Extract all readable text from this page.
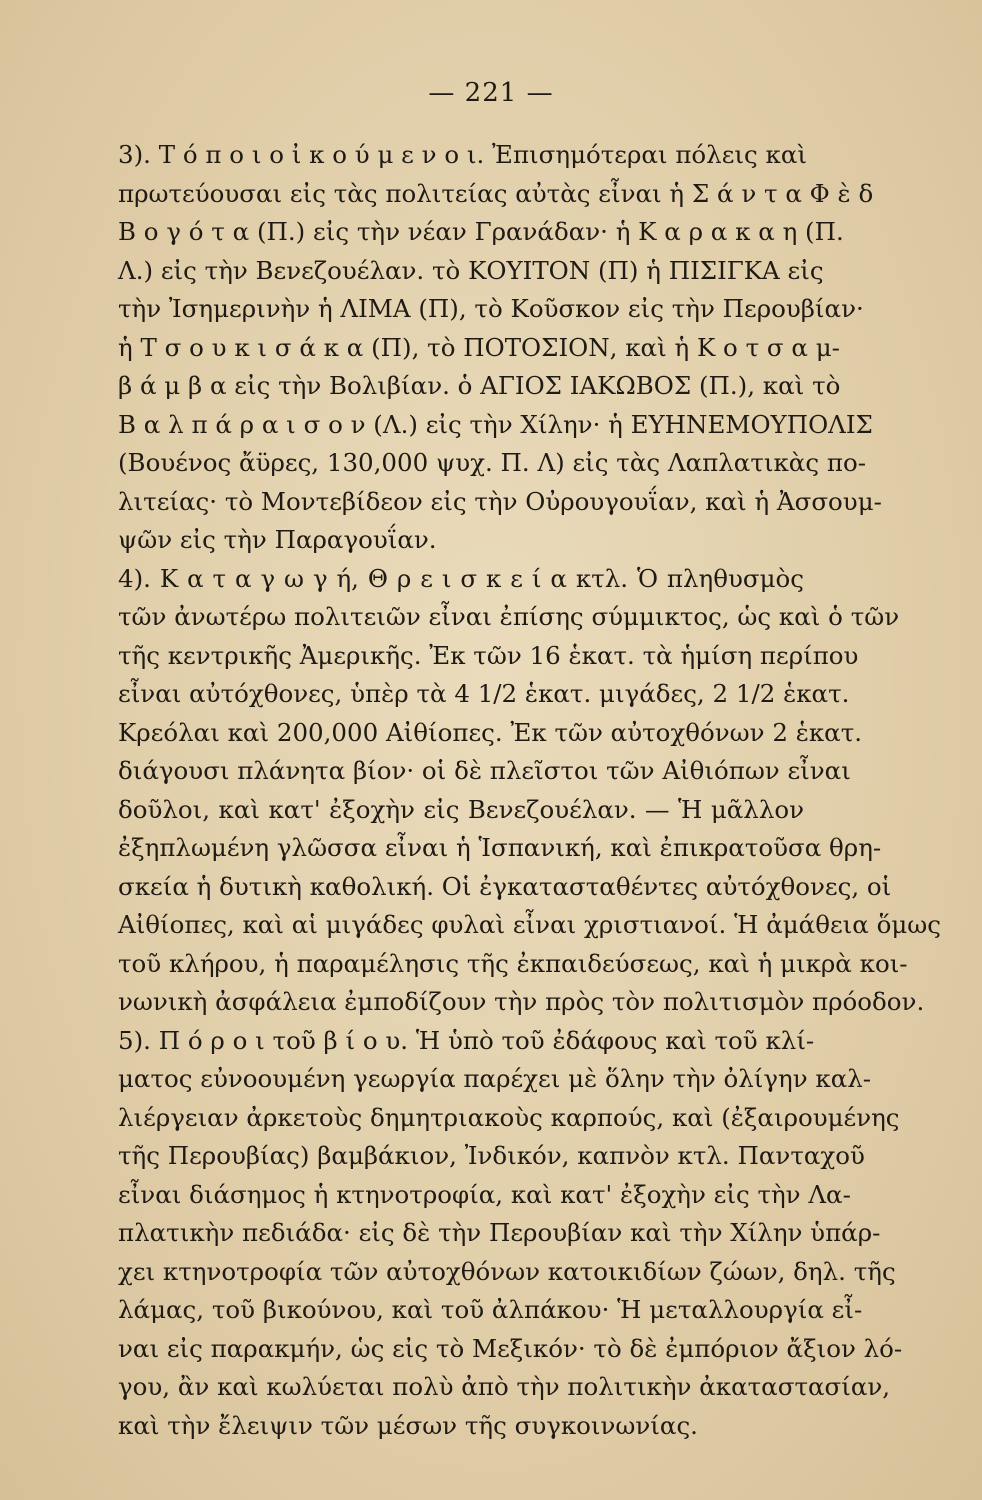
— 221 —
3). Τ ό π ο ι ο ἰ κ ο ύ μ ε ν ο ι. Ἐπισημότεραι πόλεις καὶ
πρωτεύουσαι εἰς τὰς πολιτείας αὐτὰς εἶναι ἡ Σ ά ν τ α Φ ὲ δ
Β ο γ ό τ α (Π.) εἰς τὴν νέαν Γρανάδαν· ἡ Κ α ρ α κ α η (Π.
Λ.) εἰς τὴν Βενεζουέλαν. τὸ ΚΟΥΙΤΟΝ (Π) ἡ ΠΙΣΙΓΚΑ εἰς
τὴν Ἰσημερινὴν ἡ ΛΙΜΑ (Π), τὸ Κοῦσκον εἰς τὴν Περουβίαν·
ἡ Τ σ ο υ κ ι σ ά κ α (Π), τὸ ΠΟΤΟΣΙΟΝ, καὶ ἡ Κ ο τ σ α μ-
β ά μ β α εἰς τὴν Βολιβίαν. ὁ ΑΓΙΟΣ ΙΑΚΩΒΟΣ (Π.), καὶ τὸ
Β α λ π ά ρ α ι σ ο ν (Λ.) εἰς τὴν Χίλην· ἡ ΕΥΗΝΕΜΟΥΠΟΛΙΣ
(Βουένος ἄϋρες, 130,000 ψυχ. Π. Λ) εἰς τὰς Λαπλατικὰς πο-
λιτείας· τὸ Μοντεβίδεον εἰς τὴν Οὐρουγουΐαν, καὶ ἡ Ἀσσουμ-
ψῶν εἰς τὴν Παραγουΐαν.
4). Κ α τ α γ ω γ ή, Θ ρ ε ι σ κ ε ί α κτλ. Ὁ πληθυσμὸς
τῶν ἀνωτέρω πολιτειῶν εἶναι ἐπίσης σύμμικτος, ὡς καὶ ὁ τῶν
τῆς κεντρικῆς Ἀμερικῆς. Ἐκ τῶν 16 ἑκατ. τὰ ἡμίση περίπου
εἶναι αὐτόχθονες, ὑπὲρ τὰ 4 1/2 ἑκατ. μιγάδες, 2 1/2 ἑκατ.
Κρεόλαι καὶ 200,000 Αἰθίοπες. Ἐκ τῶν αὐτοχθόνων 2 ἑκατ.
διάγουσι πλάνητα βίον· οἱ δὲ πλεῖστοι τῶν Αἰθιόπων εἶναι
δοῦλοι, καὶ κατ' ἐξοχὴν εἰς Βενεζουέλαν. — Ἡ μᾶλλον
ἐξηπλωμένη γλῶσσα εἶναι ἡ Ἱσπανική, καὶ ἐπικρατοῦσα θρη-
σκεία ἡ δυτικὴ καθολική. Οἱ ἐγκατασταθέντες αὐτόχθονες, οἱ
Αἰθίοπες, καὶ αἱ μιγάδες φυλαὶ εἶναι χριστιανοί. Ἡ ἀμάθεια ὅμως
τοῦ κλήρου, ἡ παραμέλησις τῆς ἐκπαιδεύσεως, καὶ ἡ μικρὰ κοι-
νωνικὴ ἀσφάλεια ἐμποδίζουν τὴν πρὸς τὸν πολιτισμὸν πρόοδον.
5). Π ό ρ ο ι τοῦ β ί ο υ. Ἡ ὑπὸ τοῦ ἐδάφους καὶ τοῦ κλί-
ματος εὐνοουμένη γεωργία παρέχει μὲ ὅλην τὴν ὀλίγην καλ-
λιέργειαν ἀρκετοὺς δημητριακοὺς καρπούς, καὶ (ἐξαιρουμένης
τῆς Περουβίας) βαμβάκιον, Ἰνδικόν, καπνὸν κτλ. Πανταχοῦ
εἶναι διάσημος ἡ κτηνοτροφία, καὶ κατ' ἐξοχὴν εἰς τὴν Λα-
πλατικὴν πεδιάδα· εἰς δὲ τὴν Περουβίαν καὶ τὴν Χίλην ὑπάρ-
χει κτηνοτροφία τῶν αὐτοχθόνων κατοικιδίων ζώων, δηλ. τῆς
λάμας, τοῦ βικούνου, καὶ τοῦ ἀλπάκου· Ἡ μεταλλουργία εἶ-
ναι εἰς παρακμήν, ὡς εἰς τὸ Μεξικόν· τὸ δὲ ἐμπόριον ἄξιον λό-
γου, ἂν καὶ κωλύεται πολὺ ἀπὸ τὴν πολιτικὴν ἀκαταστασίαν,
καὶ τὴν ἔλειψιν τῶν μέσων τῆς συγκοινωνίας.
